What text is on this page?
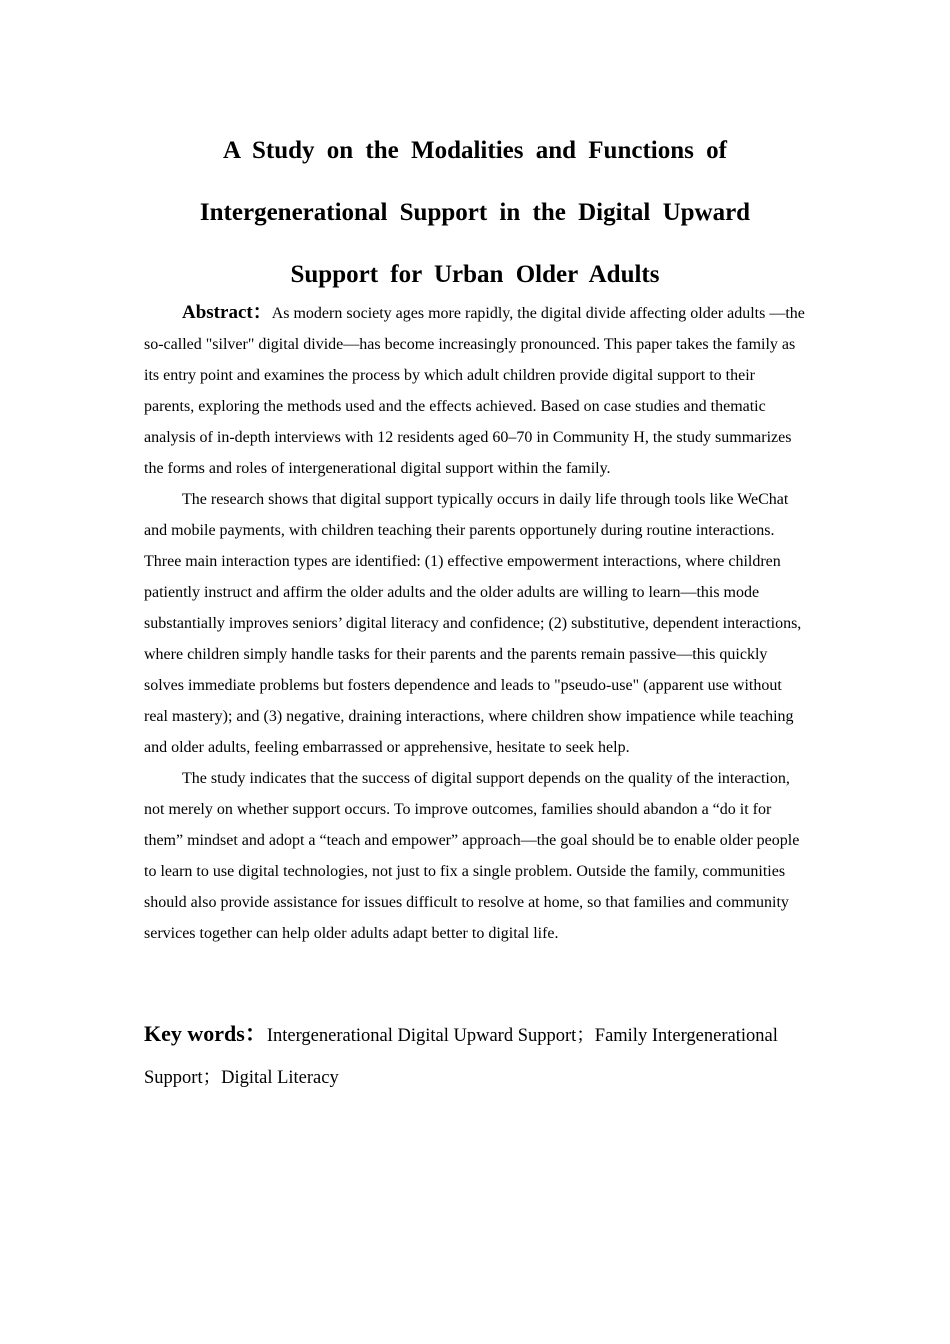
A Study on the Modalities and Functions of
Intergenerational Support in the Digital Upward
Support for Urban Older Adults

Abstract：As modern society ages more rapidly, the digital divide affecting older adults —the so-called "silver" digital divide—has become increasingly pronounced. This paper takes the family as its entry point and examines the process by which adult children provide digital support to their parents, exploring the methods used and the effects achieved. Based on case studies and thematic analysis of in-depth interviews with 12 residents aged 60–70 in Community H, the study summarizes the forms and roles of intergenerational digital support within the family.

The research shows that digital support typically occurs in daily life through tools like WeChat and mobile payments, with children teaching their parents opportunely during routine interactions. Three main interaction types are identified: (1) effective empowerment interactions, where children patiently instruct and affirm the older adults and the older adults are willing to learn—this mode substantially improves seniors’ digital literacy and confidence; (2) substitutive, dependent interactions, where children simply handle tasks for their parents and the parents remain passive—this quickly solves immediate problems but fosters dependence and leads to "pseudo-use" (apparent use without real mastery); and (3) negative, draining interactions, where children show impatience while teaching and older adults, feeling embarrassed or apprehensive, hesitate to seek help.

The study indicates that the success of digital support depends on the quality of the interaction, not merely on whether support occurs. To improve outcomes, families should abandon a “do it for them” mindset and adopt a “teach and empower” approach—the goal should be to enable older people to learn to use digital technologies, not just to fix a single problem. Outside the family, communities should also provide assistance for issues difficult to resolve at home, so that families and community services together can help older adults adapt better to digital life.

Key words：Intergenerational Digital Upward Support；Family Intergenerational Support；Digital Literacy
